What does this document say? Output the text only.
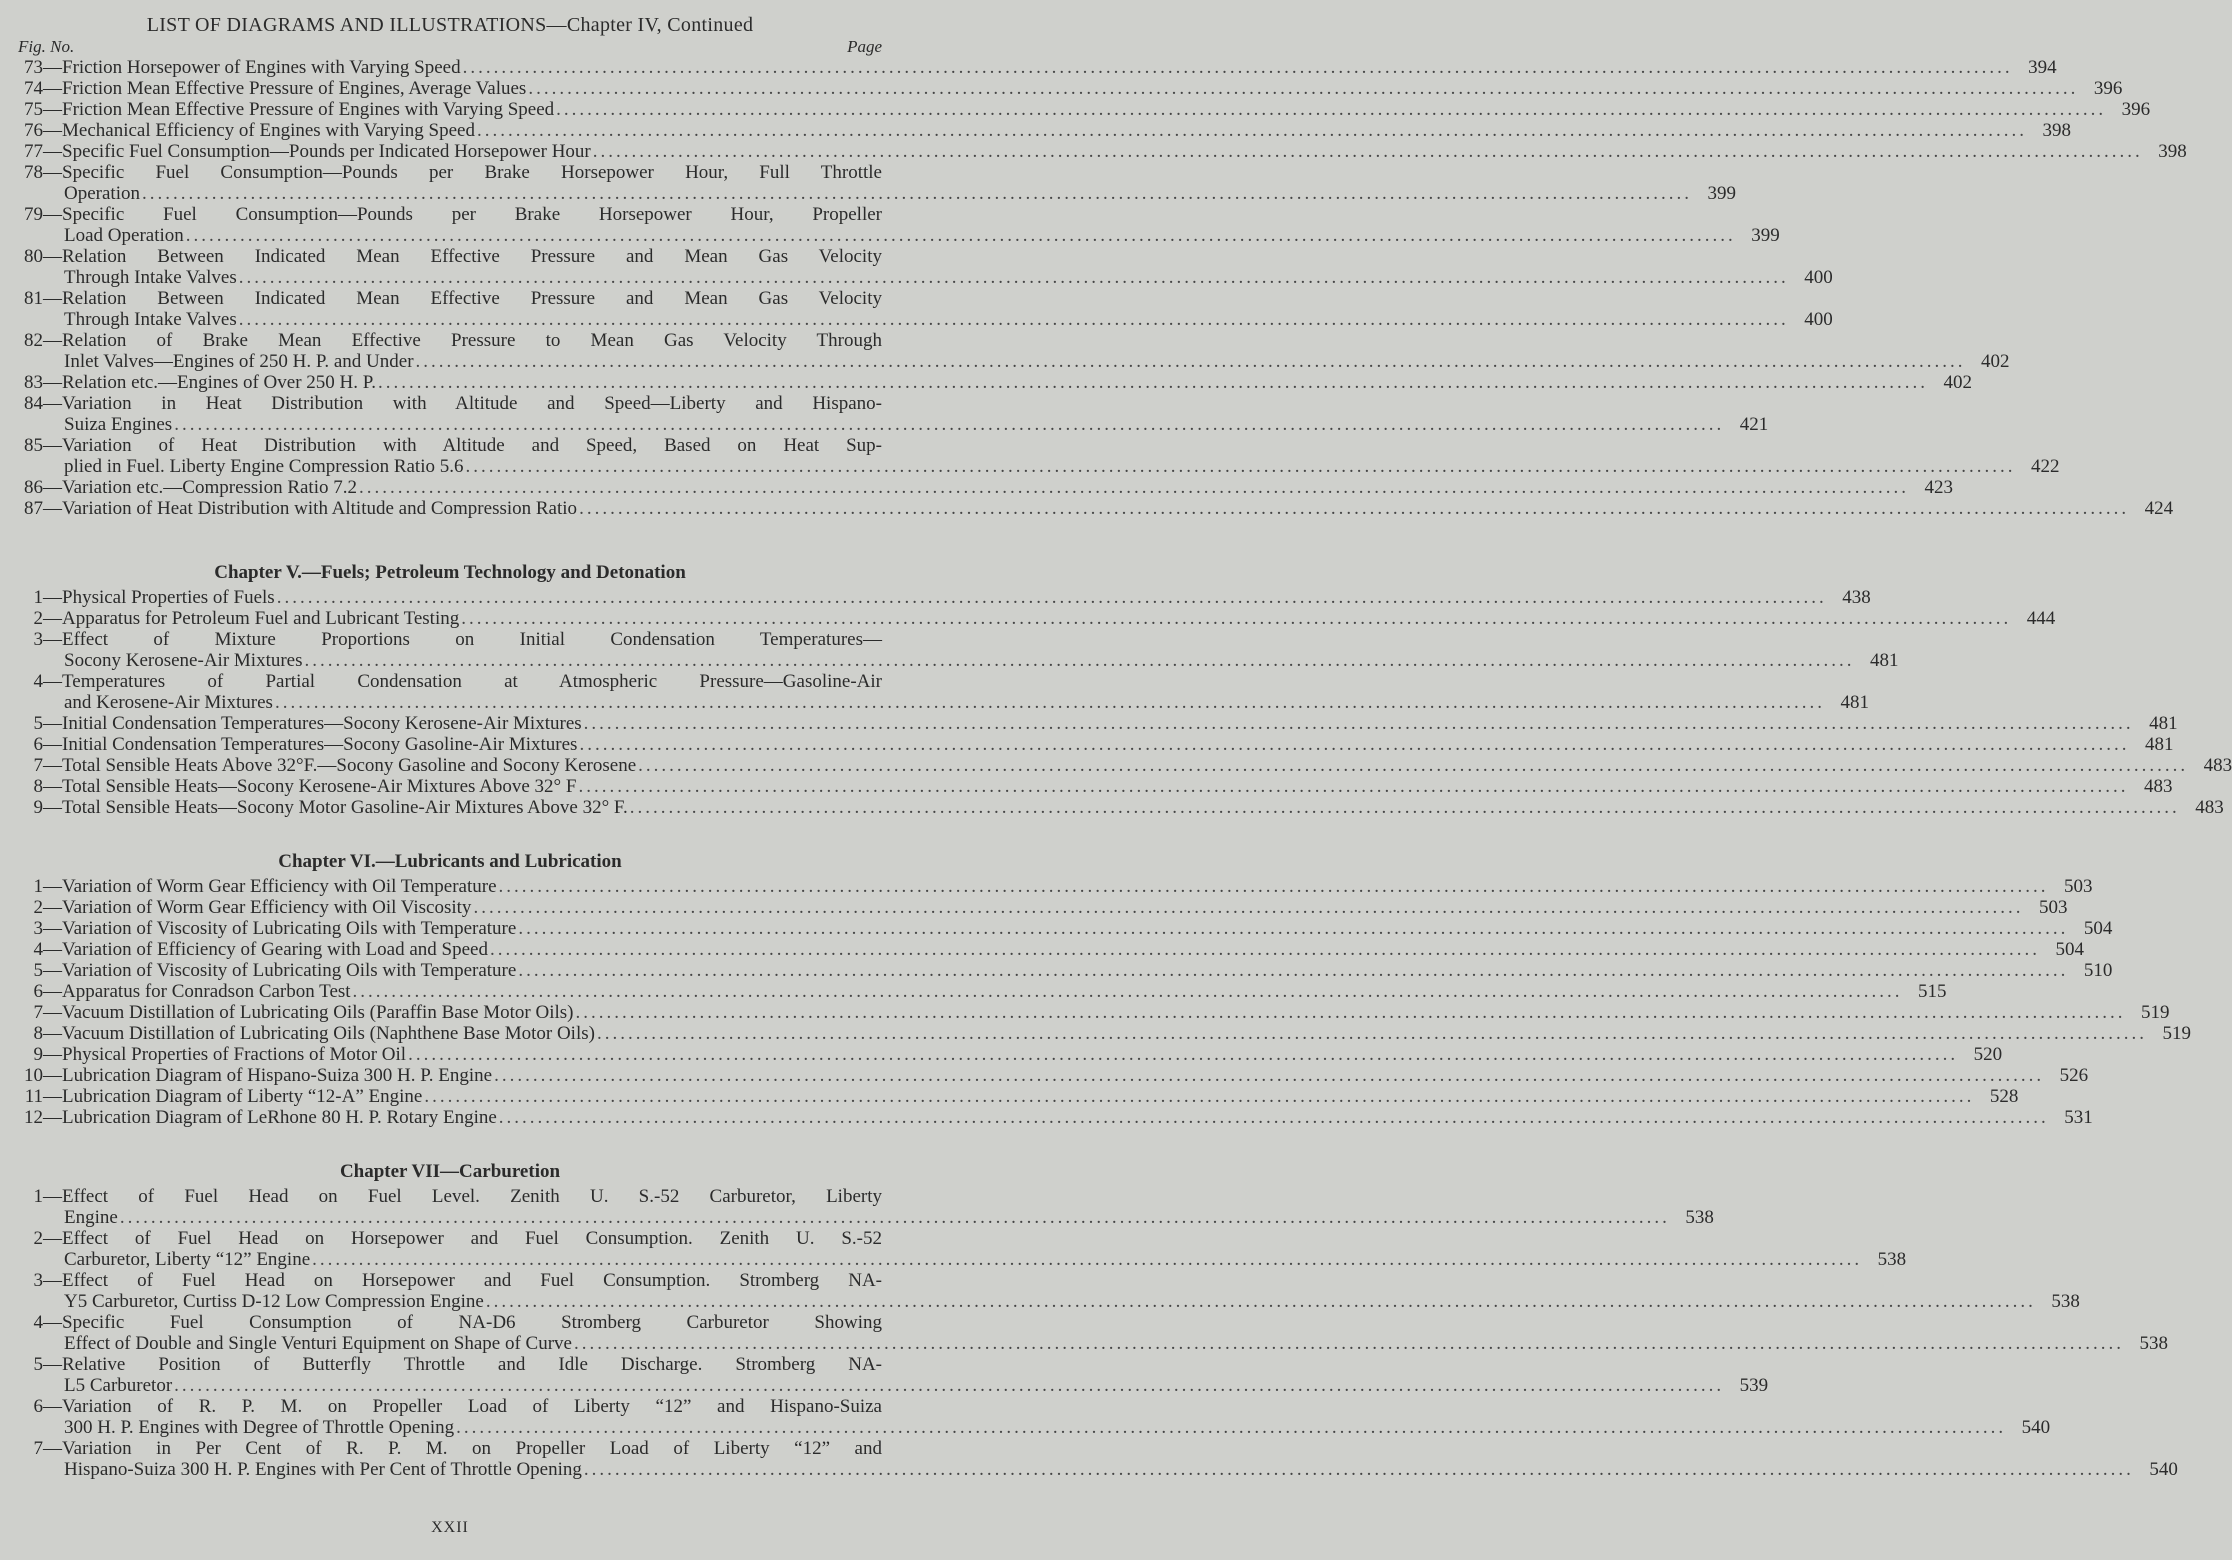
LIST OF DIAGRAMS AND ILLUSTRATIONS—Chapter IV, Continued
Fig. No.	Page
73— Friction Horsepower of Engines with Varying Speed ........................................................................................................................................................................................................ 394
74— Friction Mean Effective Pressure of Engines, Average Values ........................................................................................................................................................................................................ 396
75— Friction Mean Effective Pressure of Engines with Varying Speed ........................................................................................................................................................................................................ 396
76— Mechanical Efficiency of Engines with Varying Speed ........................................................................................................................................................................................................ 398
77— Specific Fuel Consumption—Pounds per Indicated Horsepower Hour ........................................................................................................................................................................................................ 398
78— Specific Fuel Consumption—Pounds per Brake Horsepower Hour, Full Throttle
Operation ........................................................................................................................................................................................................ 399
79— Specific Fuel Consumption—Pounds per Brake Horsepower Hour, Propeller
Load Operation ........................................................................................................................................................................................................ 399
80— Relation Between Indicated Mean Effective Pressure and Mean Gas Velocity
Through Intake Valves ........................................................................................................................................................................................................ 400
81— Relation Between Indicated Mean Effective Pressure and Mean Gas Velocity
Through Intake Valves ........................................................................................................................................................................................................ 400
82— Relation of Brake Mean Effective Pressure to Mean Gas Velocity Through
Inlet Valves—Engines of 250 H. P. and Under ........................................................................................................................................................................................................ 402
83— Relation etc.—Engines of Over 250 H. P. ........................................................................................................................................................................................................ 402
84— Variation in Heat Distribution with Altitude and Speed—Liberty and Hispano-
Suiza Engines ........................................................................................................................................................................................................ 421
85— Variation of Heat Distribution with Altitude and Speed, Based on Heat Sup-
plied in Fuel. Liberty Engine Compression Ratio 5.6 ........................................................................................................................................................................................................ 422
86— Variation etc.—Compression Ratio 7.2 ........................................................................................................................................................................................................ 423
87— Variation of Heat Distribution with Altitude and Compression Ratio ........................................................................................................................................................................................................ 424
Chapter V.—Fuels; Petroleum Technology and Detonation
1— Physical Properties of Fuels ........................................................................................................................................................................................................ 438
2— Apparatus for Petroleum Fuel and Lubricant Testing ........................................................................................................................................................................................................ 444
3— Effect of Mixture Proportions on Initial Condensation Temperatures—
Socony Kerosene-Air Mixtures ........................................................................................................................................................................................................ 481
4— Temperatures of Partial Condensation at Atmospheric Pressure—Gasoline-Air
and Kerosene-Air Mixtures ........................................................................................................................................................................................................ 481
5— Initial Condensation Temperatures—Socony Kerosene-Air Mixtures ........................................................................................................................................................................................................ 481
6— Initial Condensation Temperatures—Socony Gasoline-Air Mixtures ........................................................................................................................................................................................................ 481
7— Total Sensible Heats Above 32°F.—Socony Gasoline and Socony Kerosene ........................................................................................................................................................................................................ 483
8— Total Sensible Heats—Socony Kerosene-Air Mixtures Above 32° F ........................................................................................................................................................................................................ 483
9— Total Sensible Heats—Socony Motor Gasoline-Air Mixtures Above 32° F. ........................................................................................................................................................................................................ 483
Chapter VI.—Lubricants and Lubrication
1— Variation of Worm Gear Efficiency with Oil Temperature ........................................................................................................................................................................................................ 503
2— Variation of Worm Gear Efficiency with Oil Viscosity ........................................................................................................................................................................................................ 503
3— Variation of Viscosity of Lubricating Oils with Temperature ........................................................................................................................................................................................................ 504
4— Variation of Efficiency of Gearing with Load and Speed ........................................................................................................................................................................................................ 504
5— Variation of Viscosity of Lubricating Oils with Temperature ........................................................................................................................................................................................................ 510
6— Apparatus for Conradson Carbon Test ........................................................................................................................................................................................................ 515
7— Vacuum Distillation of Lubricating Oils (Paraffin Base Motor Oils) ........................................................................................................................................................................................................ 519
8— Vacuum Distillation of Lubricating Oils (Naphthene Base Motor Oils) ........................................................................................................................................................................................................ 519
9— Physical Properties of Fractions of Motor Oil ........................................................................................................................................................................................................ 520
10— Lubrication Diagram of Hispano-Suiza 300 H. P. Engine ........................................................................................................................................................................................................ 526
11— Lubrication Diagram of Liberty “12-A” Engine ........................................................................................................................................................................................................ 528
12— Lubrication Diagram of LeRhone 80 H. P. Rotary Engine ........................................................................................................................................................................................................ 531
Chapter VII—Carburetion
1— Effect of Fuel Head on Fuel Level. Zenith U. S.-52 Carburetor, Liberty
Engine ........................................................................................................................................................................................................ 538
2— Effect of Fuel Head on Horsepower and Fuel Consumption. Zenith U. S.-52
Carburetor, Liberty “12” Engine ........................................................................................................................................................................................................ 538
3— Effect of Fuel Head on Horsepower and Fuel Consumption. Stromberg NA-
Y5 Carburetor, Curtiss D-12 Low Compression Engine ........................................................................................................................................................................................................ 538
4— Specific Fuel Consumption of NA-D6 Stromberg Carburetor Showing
Effect of Double and Single Venturi Equipment on Shape of Curve ........................................................................................................................................................................................................ 538
5— Relative Position of Butterfly Throttle and Idle Discharge. Stromberg NA-
L5 Carburetor ........................................................................................................................................................................................................ 539
6— Variation of R. P. M. on Propeller Load of Liberty “12” and Hispano-Suiza
300 H. P. Engines with Degree of Throttle Opening ........................................................................................................................................................................................................ 540
7— Variation in Per Cent of R. P. M. on Propeller Load of Liberty “12” and
Hispano-Suiza 300 H. P. Engines with Per Cent of Throttle Opening ........................................................................................................................................................................................................ 540
XXII
